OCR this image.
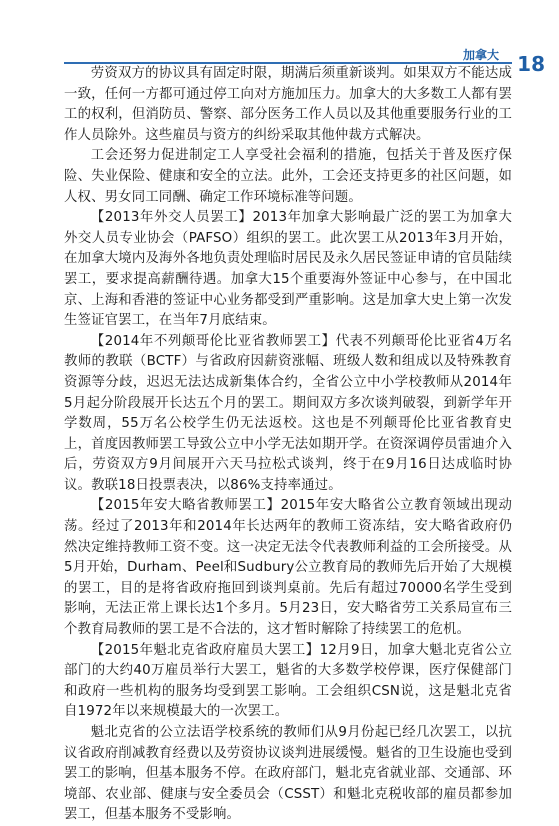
加拿大 18

劳资双方的协议具有固定时限，期满后须重新谈判。如果双方不能达成一致，任何一方都可通过停工向对方施加压力。加拿大的大多数工人都有罢工的权利，但消防员、警察、部分医务工作人员以及其他重要服务行业的工作人员除外。这些雇员与资方的纠纷采取其他仲裁方式解决。

工会还努力促进制定工人享受社会福利的措施，包括关于普及医疗保险、失业保险、健康和安全的立法。此外，工会还支持更多的社区问题，如人权、男女同工同酬、确定工作环境标准等问题。

【2013年外交人员罢工】2013年加拿大影响最广泛的罢工为加拿大外交人员专业协会（PAFSO）组织的罢工。此次罢工从2013年3月开始，在加拿大境内及海外各地负责处理临时居民及永久居民签证申请的官员陆续罢工，要求提高薪酬待遇。加拿大15个重要海外签证中心参与，在中国北京、上海和香港的签证中心业务都受到严重影响。这是加拿大史上第一次发生签证官罢工，在当年7月底结束。

【2014年不列颠哥伦比亚省教师罢工】代表不列颠哥伦比亚省4万名教师的教联（BCTF）与省政府因薪资涨幅、班级人数和组成以及特殊教育资源等分歧，迟迟无法达成新集体合约，全省公立中小学校教师从2014年5月起分阶段展开长达五个月的罢工。期间双方多次谈判破裂，到新学年开学数周，55万名公校学生仍无法返校。这也是不列颠哥伦比亚省教育史上，首度因教师罢工导致公立中小学无法如期开学。在资深调停员雷迪介入后，劳资双方9月间展开六天马拉松式谈判，终于在9月16日达成临时协议。教联18日投票表决，以86%支持率通过。

【2015年安大略省教师罢工】2015年安大略省公立教育领域出现动荡。经过了2013年和2014年长达两年的教师工资冻结，安大略省政府仍然决定维持教师工资不变。这一决定无法令代表教师利益的工会所接受。从5月开始，Durham、Peel和Sudbury公立教育局的教师先后开始了大规模的罢工，目的是将省政府拖回到谈判桌前。先后有超过70000名学生受到影响，无法正常上课长达1个多月。5月23日，安大略省劳工关系局宣布三个教育局教师的罢工是不合法的，这才暂时解除了持续罢工的危机。

【2015年魁北克省政府雇员大罢工】12月9日，加拿大魁北克省公立部门的大约40万雇员举行大罢工，魁省的大多数学校停课，医疗保健部门和政府一些机构的服务均受到罢工影响。工会组织CSN说，这是魁北克省自1972年以来规模最大的一次罢工。

魁北克省的公立法语学校系统的教师们从9月份起已经几次罢工，以抗议省政府削减教育经费以及劳资协议谈判进展缓慢。魁省的卫生设施也受到罢工的影响，但基本服务不停。在政府部门，魁北克省就业部、交通部、环境部、农业部、健康与安全委员会（CSST）和魁北克税收部的雇员都参加罢工，但基本服务不受影响。
